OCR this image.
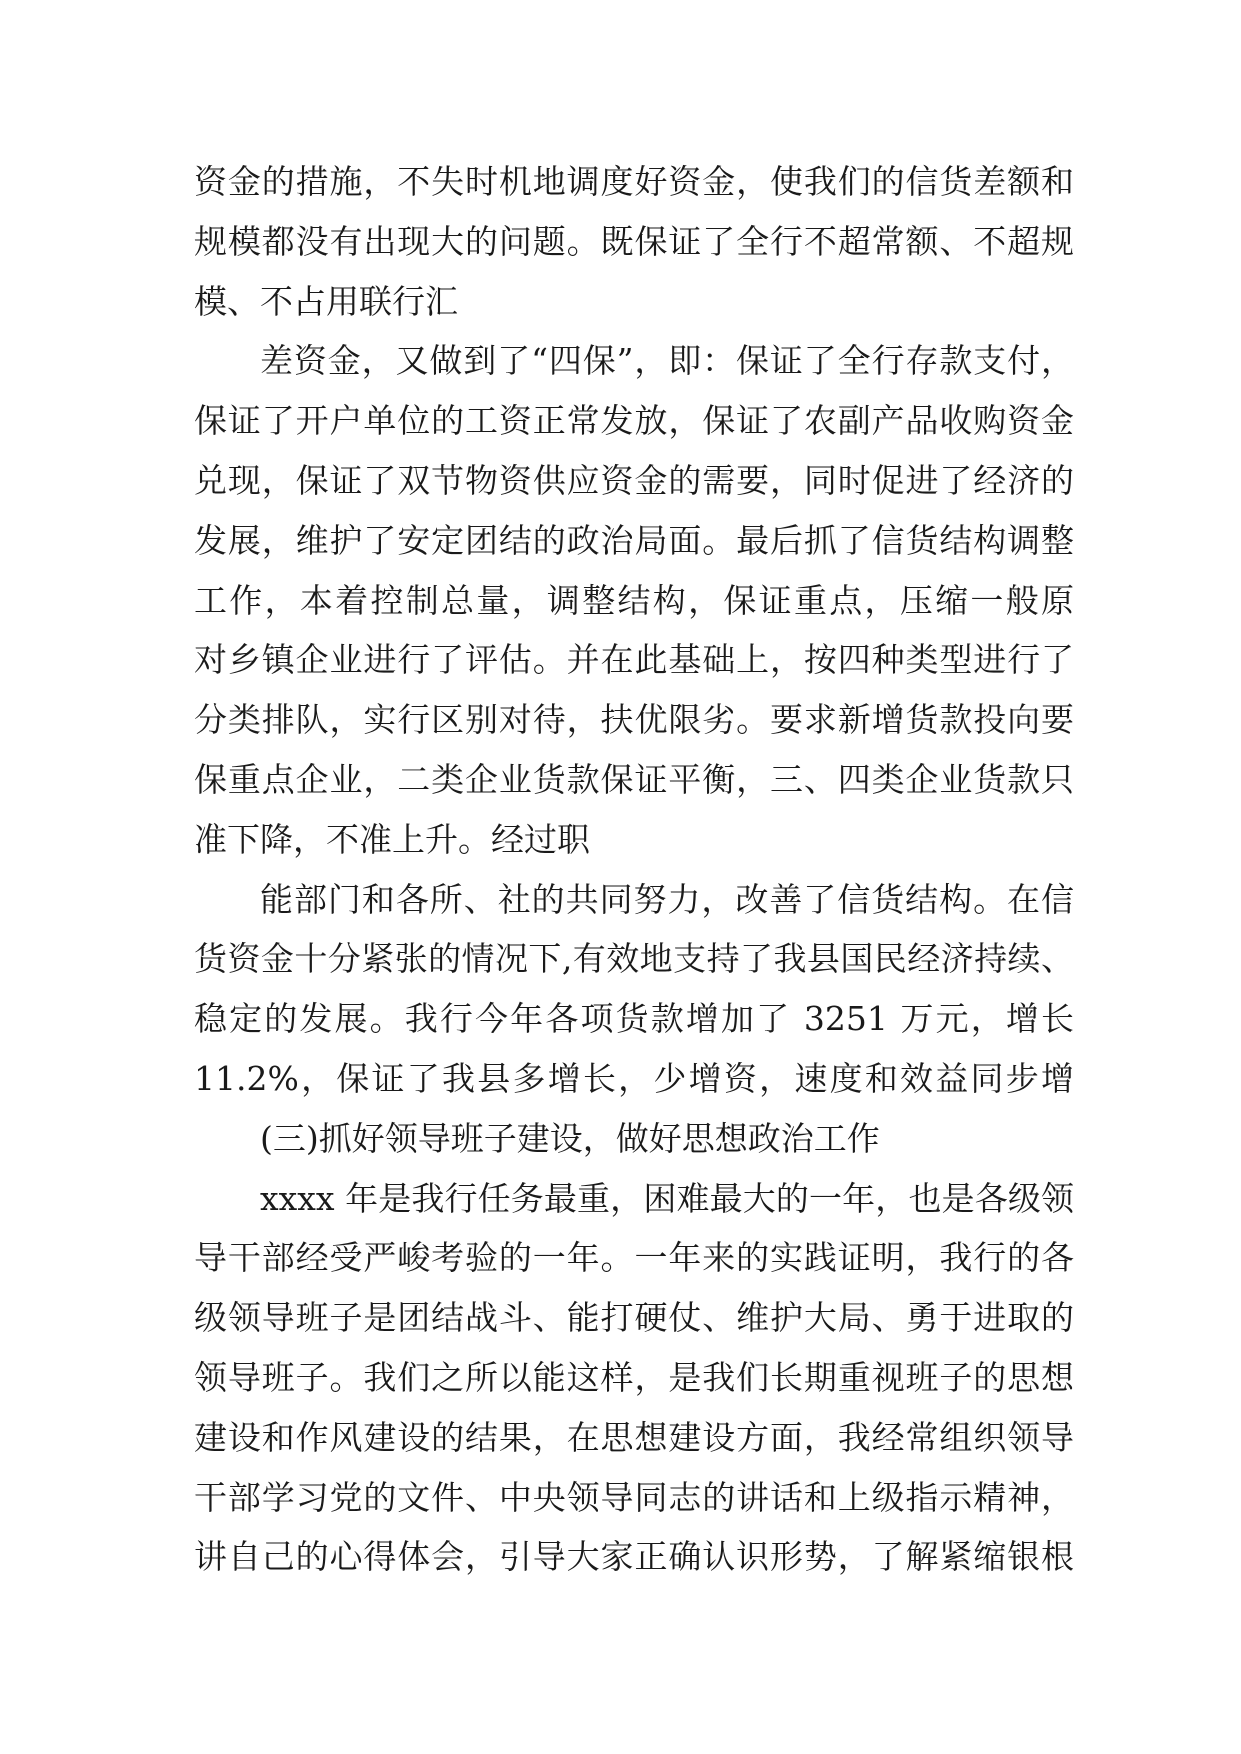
资金的措施，不失时机地调度好资金，使我们的信货差额和
规模都没有出现大的问题。既保证了全行不超常额、不超规
模、不占用联行汇
差资金，又做到了“四保”，即：保证了全行存款支付，
保证了开户单位的工资正常发放，保证了农副产品收购资金
兑现，保证了双节物资供应资金的需要，同时促进了经济的
发展，维护了安定团结的政治局面。最后抓了信货结构调整
工作，本着控制总量，调整结构，保证重点，压缩一般原
对乡镇企业进行了评估。并在此基础上，按四种类型进行了
分类排队，实行区别对待，扶优限劣。要求新增货款投向要
保重点企业，二类企业货款保证平衡，三、四类企业货款只
准下降，不准上升。经过职
能部门和各所、社的共同努力，改善了信货结构。在信
货资金十分紧张的情况下,有效地支持了我县国民经济持续、
稳定的发展。我行今年各项货款增加了 3251 万元，增长
11.2%，保证了我县多增长，少增资，速度和效益同步增
(三)抓好领导班子建设，做好思想政治工作
xxxx 年是我行任务最重，困难最大的一年，也是各级领
导干部经受严峻考验的一年。一年来的实践证明，我行的各
级领导班子是团结战斗、能打硬仗、维护大局、勇于进取的
领导班子。我们之所以能这样，是我们长期重视班子的思想
建设和作风建设的结果，在思想建设方面，我经常组织领导
干部学习党的文件、中央领导同志的讲话和上级指示精神，
讲自己的心得体会，引导大家正确认识形势，了解紧缩银根
